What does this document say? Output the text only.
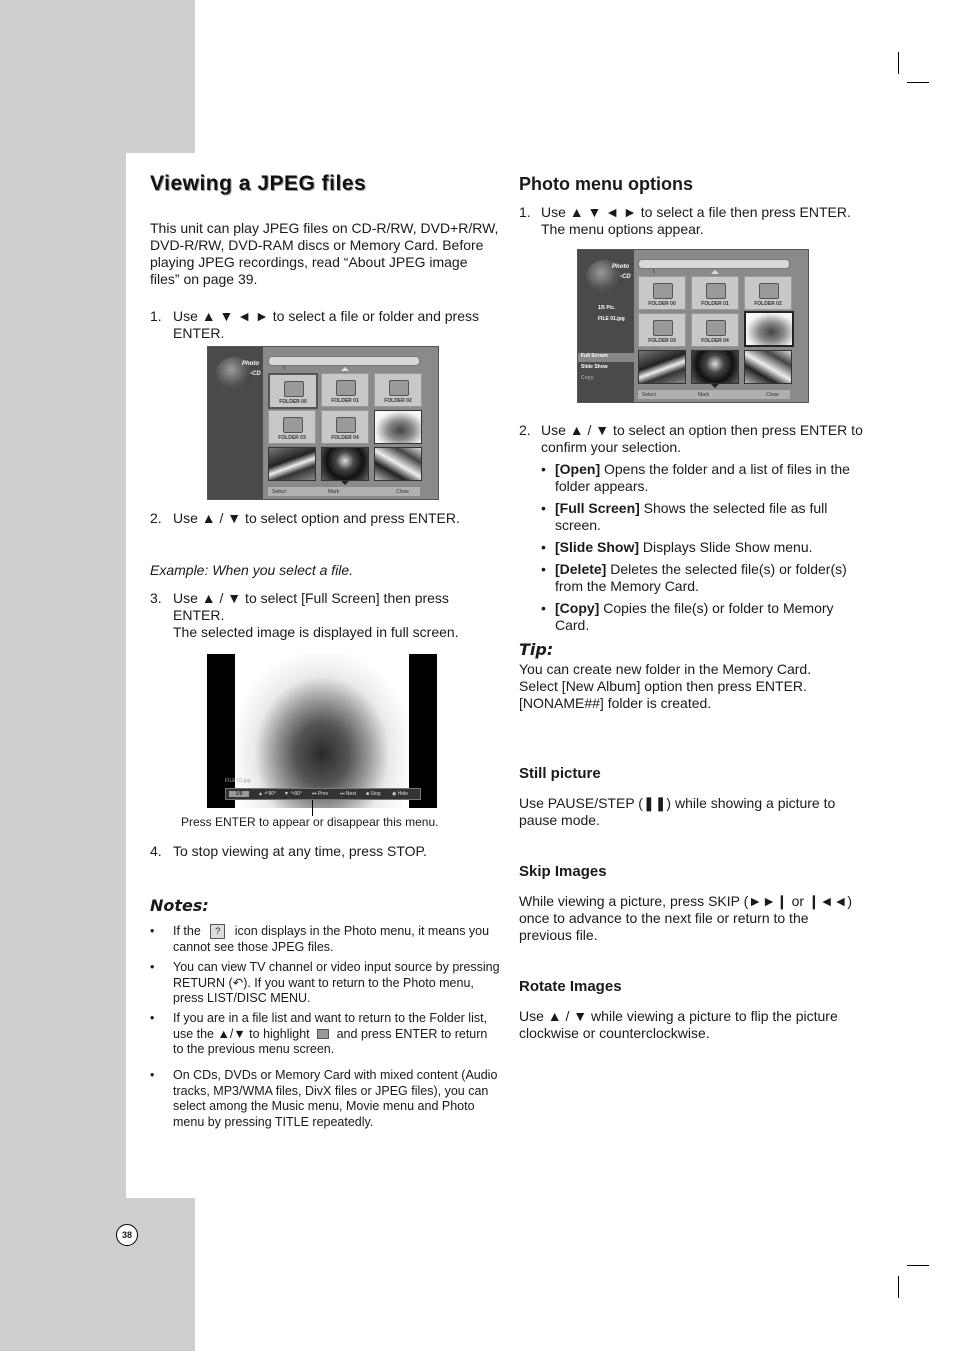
Viewing a JPEG files
This unit can play JPEG files on CD-R/RW, DVD+R/RW, DVD-R/RW, DVD-RAM discs or Memory Card. Before playing JPEG recordings, read “About JPEG image files” on page 39.
1. Use ▲ ▼ ◄ ► to select a file or folder and press ENTER.
Photo
-CD
\
FOLDER 00	FOLDER 01	FOLDER 02
FOLDER 03	FOLDER 04
Select	Mark	Close
2. Use ▲ / ▼ to select option and press ENTER.
Example: When you select a file.
3. Use ▲ / ▼ to select [Full Screen] then press ENTER.
The selected image is displayed in full screen.
FILE 01.jpg
1/9	▲ ↶90° ▼ ↷90° ⏮ Prev ⏭ Next ■ Stop ◉ Hide
Press ENTER to appear or disappear this menu.
4. To stop viewing at any time, press STOP.
Notes:
• If the ? icon displays in the Photo menu, it means you cannot see those JPEG files.
• You can view TV channel or video input source by pressing RETURN (↶). If you want to return to the Photo menu, press LIST/DISC MENU.
• If you are in a file list and want to return to the Folder list, use the ▲/▼ to highlight and press ENTER to return to the previous menu screen.
• On CDs, DVDs or Memory Card with mixed content (Audio tracks, MP3/WMA files, DivX files or JPEG files), you can select among the Music menu, Movie menu and Photo menu by pressing TITLE repeatedly.
38
Photo menu options
1. Use ▲ ▼ ◄ ► to select a file then press ENTER.
The menu options appear.
Photo
-CD
1/5 Pic.
FILE 01.jpg
Full Screen
Slide Show
Copy
\
FOLDER 00	FOLDER 01	FOLDER 02
FOLDER 03	FOLDER 04
Select	Mark	Close
2. Use ▲ / ▼ to select an option then press ENTER to confirm your selection.
• [Open] Opens the folder and a list of files in the folder appears.
• [Full Screen] Shows the selected file as full screen.
• [Slide Show] Displays Slide Show menu.
• [Delete] Deletes the selected file(s) or folder(s) from the Memory Card.
• [Copy] Copies the file(s) or folder to Memory Card.
Tip:
You can create new folder in the Memory Card. Select [New Album] option then press ENTER. [NONAME##] folder is created.
Still picture
Use PAUSE/STEP (❚❚) while showing a picture to pause mode.
Skip Images
While viewing a picture, press SKIP (►►❙ or ❙◄◄) once to advance to the next file or return to the previous file.
Rotate Images
Use ▲ / ▼ while viewing a picture to flip the picture clockwise or counterclockwise.
